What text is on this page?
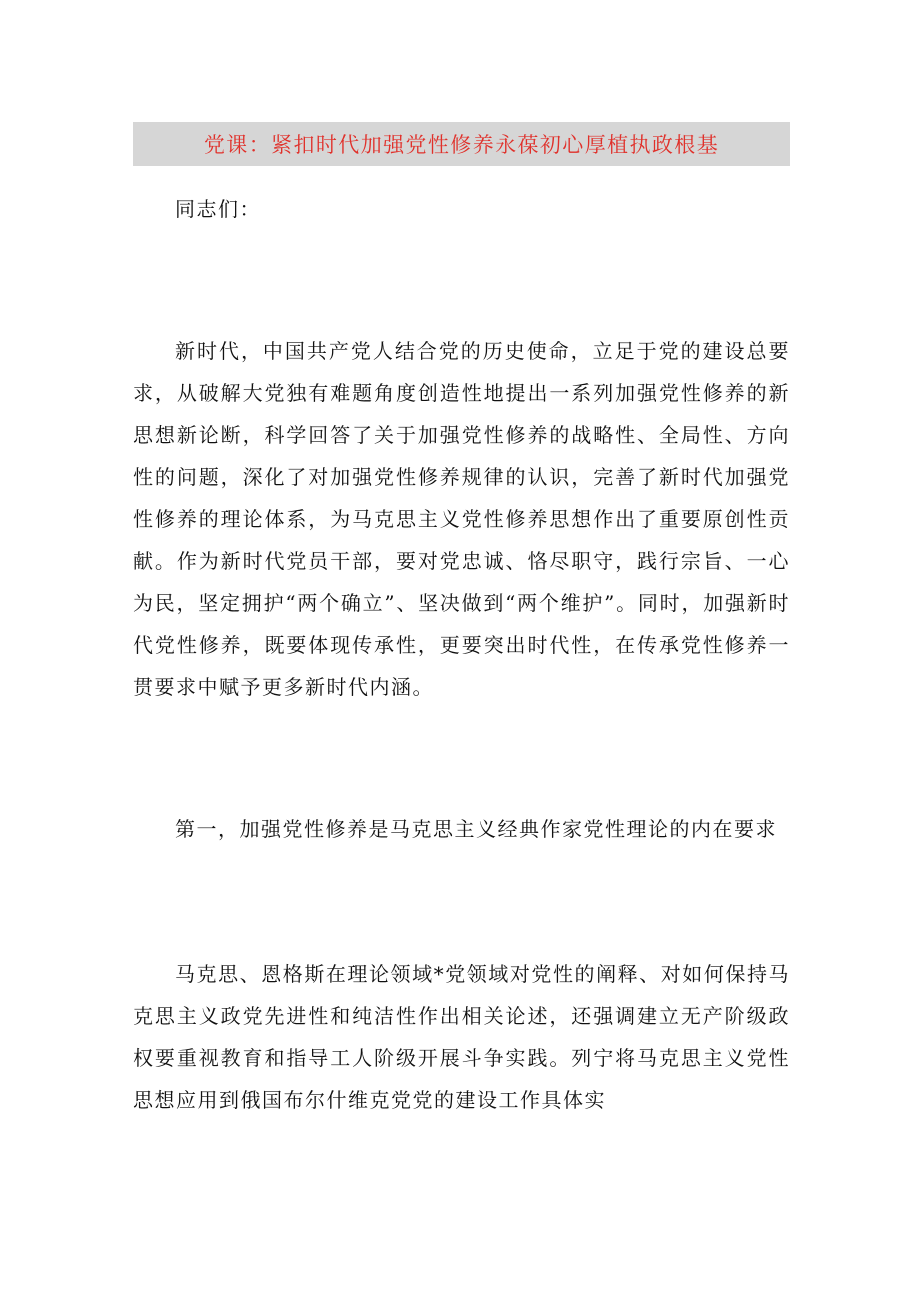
党课：紧扣时代加强党性修养永葆初心厚植执政根基

同志们：

新时代，中国共产党人结合党的历史使命，立足于党的建设总要求，从破解大党独有难题角度创造性地提出一系列加强党性修养的新思想新论断，科学回答了关于加强党性修养的战略性、全局性、方向性的问题，深化了对加强党性修养规律的认识，完善了新时代加强党性修养的理论体系，为马克思主义党性修养思想作出了重要原创性贡献。作为新时代党员干部，要对党忠诚、恪尽职守，践行宗旨、一心为民，坚定拥护“两个确立”、坚决做到“两个维护”。同时，加强新时代党性修养，既要体现传承性，更要突出时代性，在传承党性修养一贯要求中赋予更多新时代内涵。

第一，加强党性修养是马克思主义经典作家党性理论的内在要求

马克思、恩格斯在理论领域*党领域对党性的阐释、对如何保持马克思主义政党先进性和纯洁性作出相关论述，还强调建立无产阶级政权要重视教育和指导工人阶级开展斗争实践。列宁将马克思主义党性思想应用到俄国布尔什维克党党的建设工作具体实
